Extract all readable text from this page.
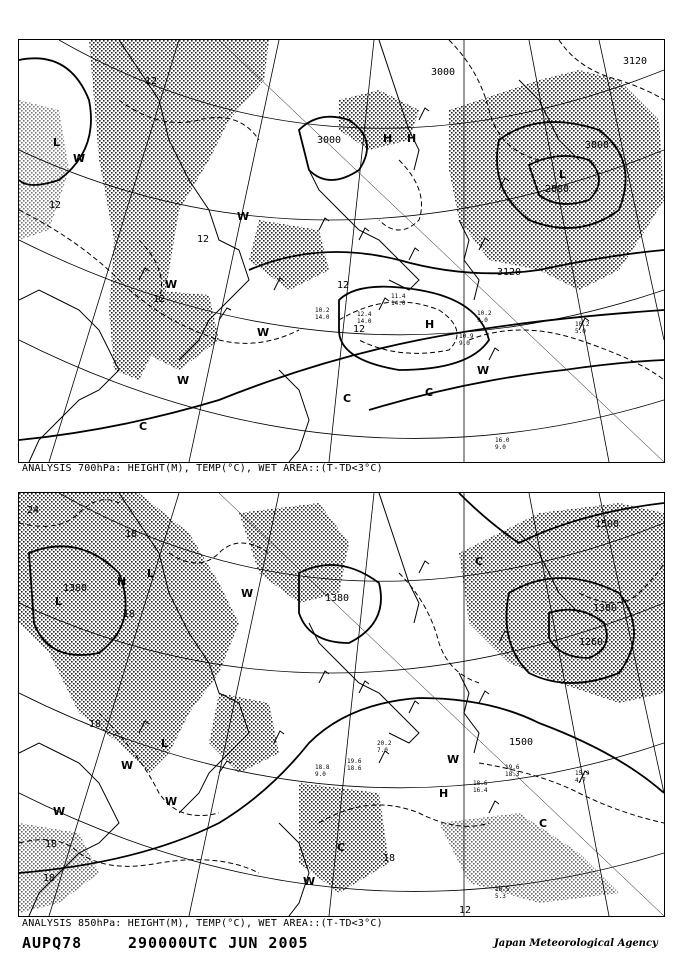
3000
3000
3120
3000
2880
3120
12
12
12
12
12
12
L
L
H H
W
W
W
W
W
W
C
C
C
H
10.2
9.0
10.9
9.0
16.0
9.0
11.4
14.0
10.2
14.0	12.4
14.0	10.2
5.0
ANALYSIS 700hPa: HEIGHT(M), TEMP(°C), WET AREA::(T-TD<3°C)
1500
1380
1380
1260
1500
1380
24
18
18
18
18
18
18
12
L
L
L
H
H
W
W
W
W
W
W
C
C
C
19.6
18.3
18.6
16.4
19.6
18.6
20.2
7.0
15.9
4.7
18.8
9.0
16.5
5.3
ANALYSIS 850hPa: HEIGHT(M), TEMP(°C), WET AREA::(T-TD<3°C)
AUPQ78	290000UTC JUN 2005	Japan Meteorological Agency
